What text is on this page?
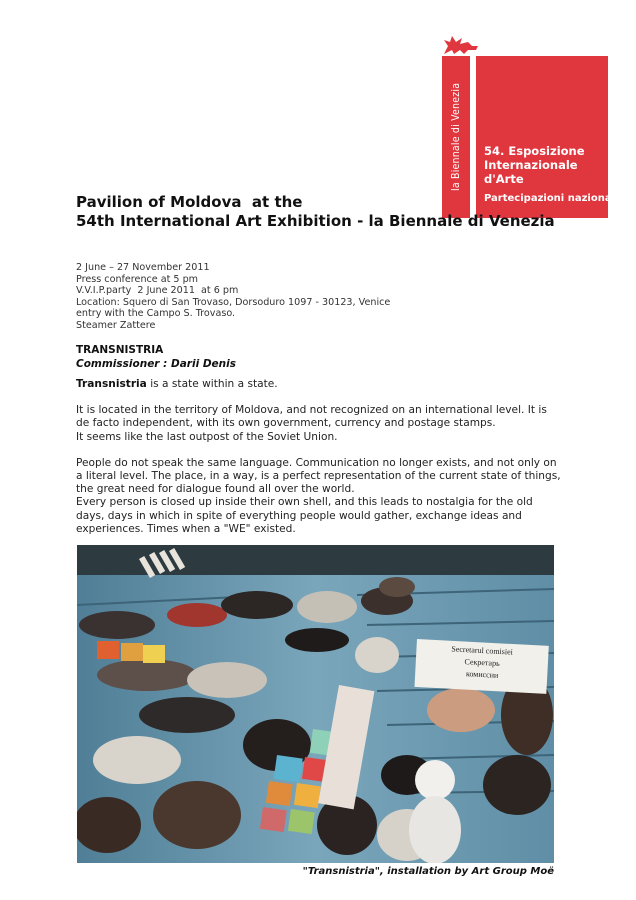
la Biennale di Venezia	54. Esposizione
Internazionale
d'Arte
Partecipazioni nazionali
Pavilion of Moldova  at the
54th International Art Exhibition - la Biennale di Venezia
2 June – 27 November 2011
Press conference at 5 pm
V.V.I.P.party  2 June 2011  at 6 pm
Location: Squero di San Trovaso, Dorsoduro 1097 - 30123, Venice
entry with the Campo S. Trovaso.
Steamer Zattere
TRANSNISTRIA
Commissioner : Darii Denis

Transnistria is a state within a state.

It is located in the territory of Moldova, and not recognized on an international level. It is de facto independent, with its own government, currency and postage stamps.

It seems like the last outpost of the Soviet Union.

People do not speak the same language. Communication no longer exists, and not only on a literal level. The place, in a way, is a perfect representation of the current state of things, the great need for dialogue found all over the world.

Every person is closed up inside their own shell, and this leads to nostalgia for the old days, days in which in spite of everything people would gather, exchange ideas and experiences. Times when a "WE" existed.

Secretarul comisiei
Секретарь
комиссии
"Transnistria", installation by Art Group Moë
